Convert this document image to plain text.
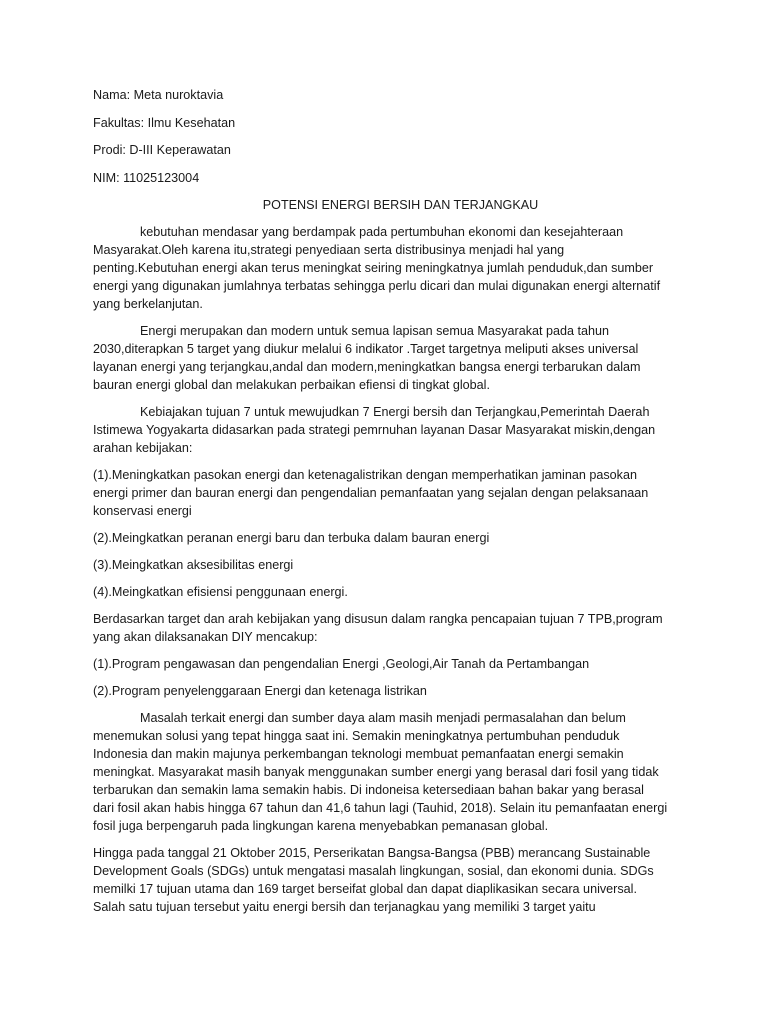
Nama: Meta nuroktavia
Fakultas: Ilmu Kesehatan
Prodi: D-III Keperawatan
NIM: 11025123004
POTENSI ENERGI BERSIH DAN TERJANGKAU

kebutuhan mendasar yang berdampak pada pertumbuhan ekonomi dan kesejahteraan Masyarakat.Oleh karena itu,strategi penyediaan serta distribusinya menjadi hal yang penting.Kebutuhan energi akan terus meningkat seiring meningkatnya jumlah penduduk,dan sumber energi yang digunakan jumlahnya terbatas sehingga perlu dicari dan mulai digunakan energi alternatif yang berkelanjutan.

Energi merupakan dan modern untuk semua lapisan semua Masyarakat pada tahun 2030,diterapkan 5 target yang diukur melalui 6 indikator .Target targetnya meliputi akses universal layanan energi yang terjangkau,andal dan modern,meningkatkan bangsa energi terbarukan dalam bauran energi global dan melakukan perbaikan efiensi di tingkat global.

Kebiajakan tujuan 7 untuk mewujudkan 7 Energi bersih dan Terjangkau,Pemerintah Daerah Istimewa Yogyakarta didasarkan pada strategi pemrnuhan layanan Dasar Masyarakat miskin,dengan arahan kebijakan:

(1).Meningkatkan pasokan energi dan ketenagalistrikan dengan memperhatikan jaminan pasokan energi primer dan bauran energi dan pengendalian pemanfaatan yang sejalan dengan pelaksanaan konservasi energi

(2).Meingkatkan peranan energi baru dan terbuka dalam bauran energi

(3).Meingkatkan aksesibilitas energi

(4).Meingkatkan efisiensi penggunaan energi.

Berdasarkan target dan arah kebijakan yang disusun dalam rangka pencapaian tujuan 7 TPB,program yang akan dilaksanakan DIY mencakup:

(1).Program pengawasan dan pengendalian Energi ,Geologi,Air Tanah da Pertambangan

(2).Program penyelenggaraan Energi dan ketenaga listrikan

Masalah terkait energi dan sumber daya alam masih menjadi permasalahan dan belum menemukan solusi yang tepat hingga saat ini. Semakin meningkatnya pertumbuhan penduduk Indonesia dan makin majunya perkembangan teknologi membuat pemanfaatan energi semakin meningkat. Masyarakat masih banyak menggunakan sumber energi yang berasal dari fosil yang tidak terbarukan dan semakin lama semakin habis. Di indoneisa ketersediaan bahan bakar yang berasal dari fosil akan habis hingga 67 tahun dan 41,6 tahun lagi (Tauhid, 2018). Selain itu pemanfaatan energi fosil juga berpengaruh pada lingkungan karena menyebabkan pemanasan global.

Hingga pada tanggal 21 Oktober 2015, Perserikatan Bangsa-Bangsa (PBB) merancang Sustainable Development Goals (SDGs) untuk mengatasi masalah lingkungan, sosial, dan ekonomi dunia. SDGs memilki 17 tujuan utama dan 169 target berseifat global dan dapat diaplikasikan secara universal. Salah satu tujuan tersebut yaitu energi bersih dan terjanagkau yang memiliki 3 target yaitu
